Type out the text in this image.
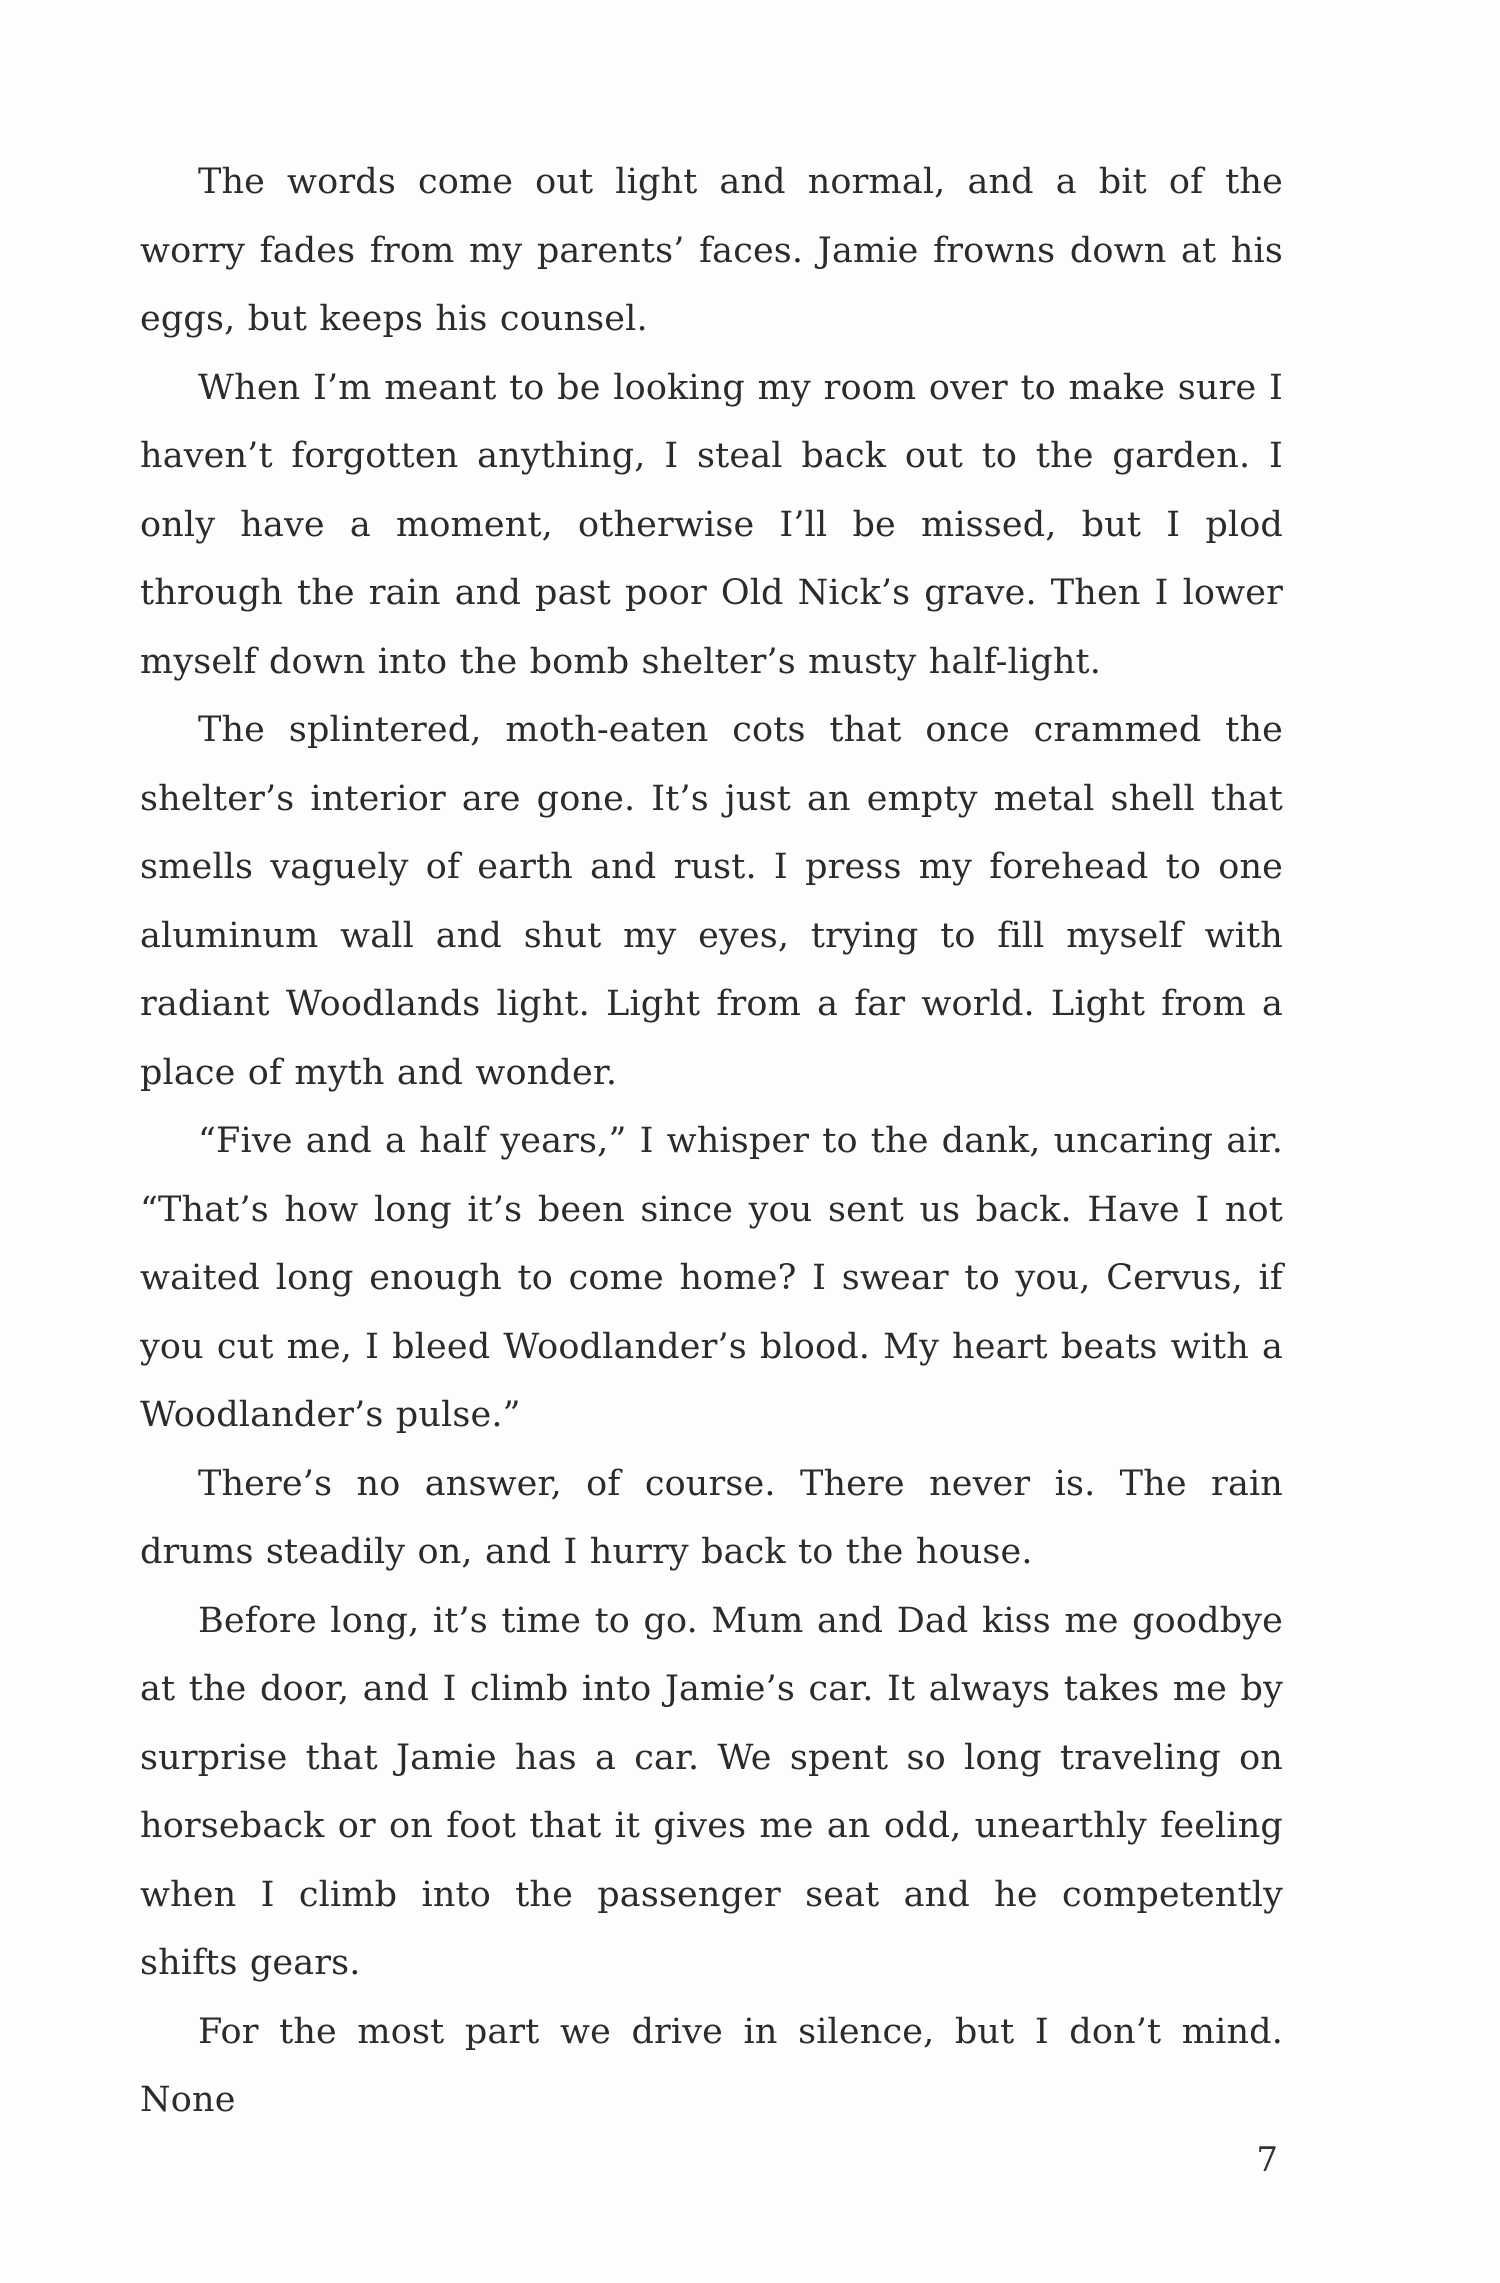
The words come out light and normal, and a bit of the worry fades from my parents’ faces. Jamie frowns down at his eggs, but keeps his counsel.

When I’m meant to be looking my room over to make sure I haven’t forgotten anything, I steal back out to the garden. I only have a moment, otherwise I’ll be missed, but I plod through the rain and past poor Old Nick’s grave. Then I lower myself down into the bomb shelter’s musty half-light.

The splintered, moth-eaten cots that once crammed the shelter’s interior are gone. It’s just an empty metal shell that smells vaguely of earth and rust. I press my forehead to one aluminum wall and shut my eyes, trying to fill myself with radiant Woodlands light. Light from a far world. Light from a place of myth and wonder.

“Five and a half years,” I whisper to the dank, uncaring air. “That’s how long it’s been since you sent us back. Have I not waited long enough to come home? I swear to you, Cervus, if you cut me, I bleed Woodlander’s blood. My heart beats with a Woodlander’s pulse.”

There’s no answer, of course. There never is. The rain drums steadily on, and I hurry back to the house.

Before long, it’s time to go. Mum and Dad kiss me goodbye at the door, and I climb into Jamie’s car. It always takes me by surprise that Jamie has a car. We spent so long traveling on horseback or on foot that it gives me an odd, unearthly feeling when I climb into the passenger seat and he competently shifts gears.

For the most part we drive in silence, but I don’t mind. None

7
